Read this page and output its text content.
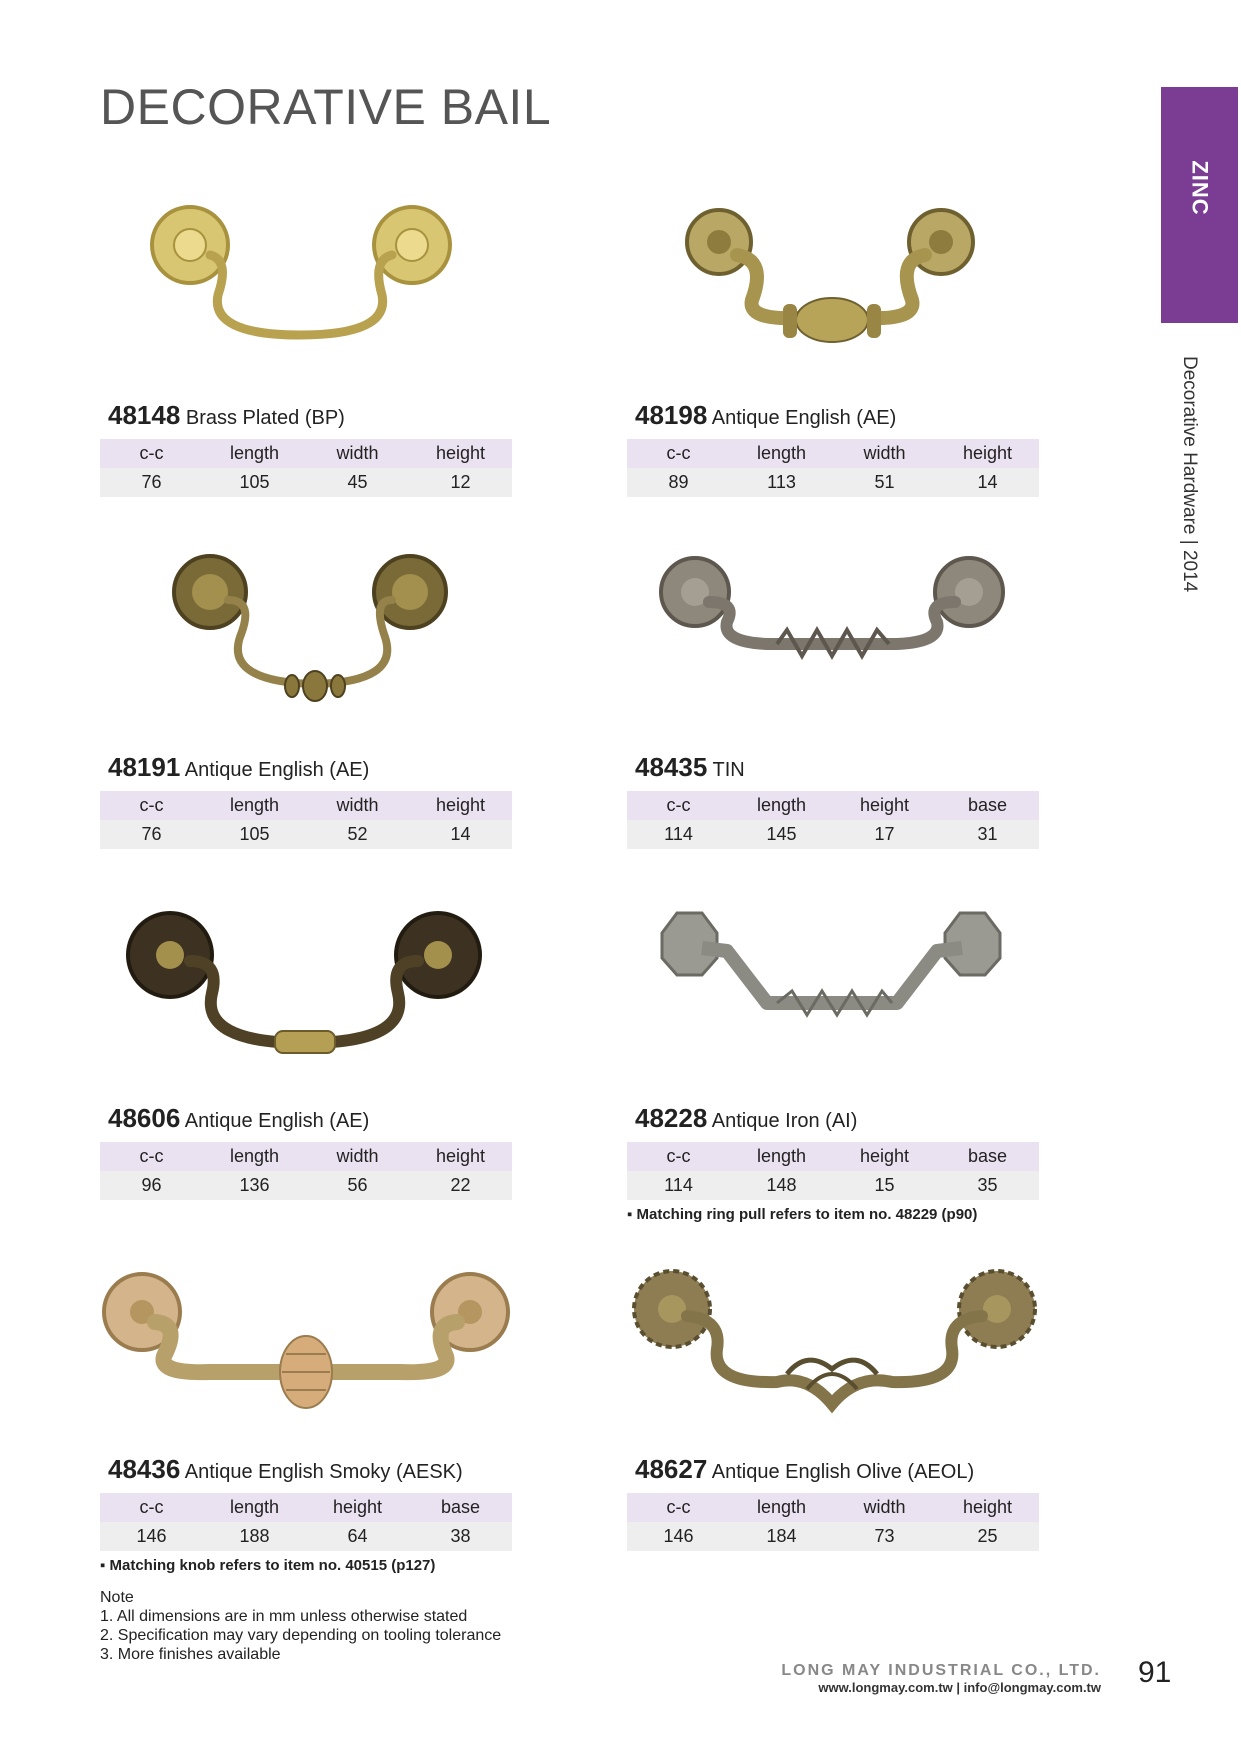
DECORATIVE BAIL
ZINC
Decorative Hardware | 2014
48148 Brass Plated (BP)
c-c	length	width	height
76	105	45	12
48198 Antique English (AE)
c-c	length	width	height
89	113	51	14
48191 Antique English (AE)
c-c	length	width	height
76	105	52	14
48435 TIN
c-c	length	height	base
114	145	17	31
48606 Antique English (AE)
c-c	length	width	height
96	136	56	22
48228 Antique Iron (AI)
c-c	length	height	base
114	148	15	35
▪ Matching ring pull refers to item no. 48229 (p90)
48436 Antique English Smoky (AESK)
c-c	length	height	base
146	188	64	38
▪ Matching knob refers to item no. 40515 (p127)
48627 Antique English Olive (AEOL)
c-c	length	width	height
146	184	73	25
Note
1. All dimensions are in mm unless otherwise stated
2. Specification may vary depending on tooling tolerance
3. More finishes available
LONG MAY INDUSTRIAL CO., LTD.
www.longmay.com.tw | info@longmay.com.tw 91
